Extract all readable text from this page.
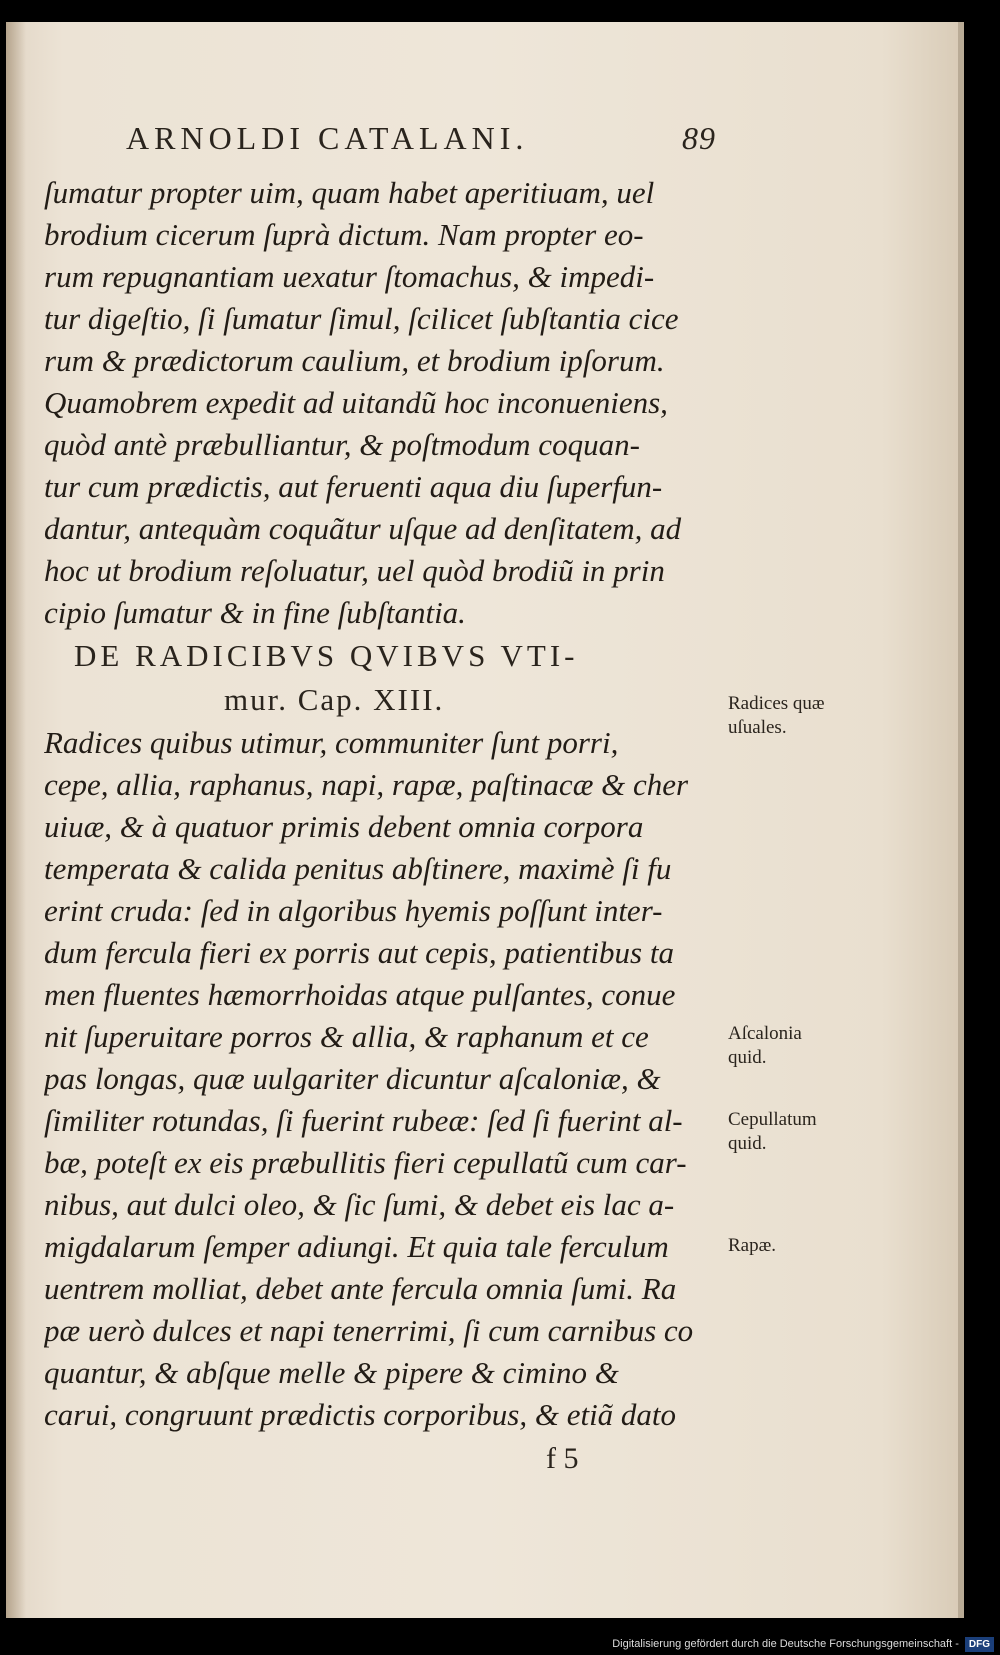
ARNOLDI CATALANI.	89
ſumatur propter uim, quam habet aperitiuam, uel
brodium cicerum ſuprà dictum. Nam propter eo-
rum repugnantiam uexatur ſtomachus, & impedi-
tur digeſtio, ſi ſumatur ſimul, ſcilicet ſubſtantia cice
rum & prædictorum caulium, et brodium ipſorum.
Quamobrem expedit ad uitandũ hoc inconueniens,
quòd antè præbulliantur, & poſtmodum coquan-
tur cum prædictis, aut feruenti aqua diu ſuperfun-
dantur, antequàm coquãtur uſque ad denſitatem, ad
hoc ut brodium reſoluatur, uel quòd brodiũ in prin
cipio ſumatur & in fine ſubſtantia.
DE RADICIBVS QVIBVS VTI-
mur. Cap. XIII.
Radices quibus utimur, communiter ſunt porri,
cepe, allia, raphanus, napi, rapæ, paſtinacæ & cher
uiuæ, & à quatuor primis debent omnia corpora
temperata & calida penitus abſtinere, maximè ſi fu
erint cruda: ſed in algoribus hyemis poſſunt inter-
dum fercula fieri ex porris aut cepis, patientibus ta
men fluentes hæmorrhoidas atque pulſantes, conue
nit ſuperuitare porros & allia, & raphanum et ce
pas longas, quæ uulgariter dicuntur aſcaloniæ, &
ſimiliter rotundas, ſi fuerint rubeæ: ſed ſi fuerint al-
bæ, poteſt ex eis præbullitis fieri cepullatũ cum car-
nibus, aut dulci oleo, & ſic ſumi, & debet eis lac a-
migdalarum ſemper adiungi. Et quia tale ferculum
uentrem molliat, debet ante fercula omnia ſumi. Ra
pæ uerò dulces et napi tenerrimi, ſi cum carnibus co
quantur, & abſque melle & pipere & cimino &
carui, congruunt prædictis corporibus, & etiã dato
Radices quæ
uſuales.
Aſcalonia
quid.
Cepullatum
quid.
Rapæ.
f 5
Digitalisierung gefördert durch die Deutsche Forschungsgemeinschaft - DFG
